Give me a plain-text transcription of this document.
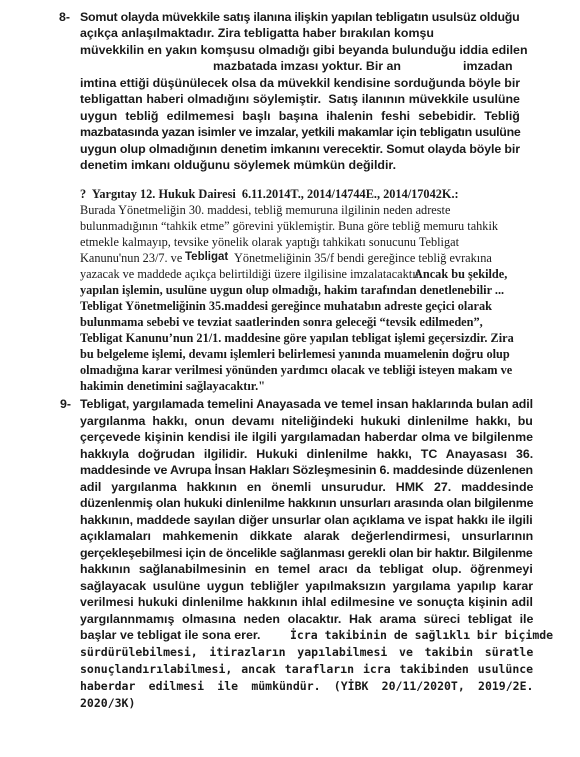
8- Somut olayda müvekkile satış ilanına ilişkin yapılan tebligatın usulsüz olduğu
açıkça anlaşılmaktadır. Zira tebligatta haber bırakılan komşu
müvekkilin en yakın komşusu olmadığı gibi beyanda bulunduğu iddia edilen
mazbatada imzası yoktur. Bir an	imzadan
imtina ettiği düşünülecek olsa da müvekkil kendisine sorduğunda böyle bir
tebligattan haberi olmadığını söylemiştir.  Satış ilanının müvekkile usulüne
uygun tebliğ edilmemesi başlı başına ihalenin feshi sebebidir. Tebliğ
mazbatasında yazan isimler ve imzalar, yetkili makamlar için tebligatın usulüne
uygun olup olmadığının denetim imkanını verecektir. Somut olayda böyle bir
denetim imkanı olduğunu söylemek mümkün değildir.
?  Yargıtay 12. Hukuk Dairesi  6.11.2014T., 2014/14744E., 2014/17042K.:
Burada Yönetmeliğin 30. maddesi, tebliğ memuruna ilgilinin neden adreste
bulunmadığının “tahkik etme” görevini yüklemiştir. Buna göre tebliğ memuru tahkik
etmekle kalmayıp, tevsike yönelik olarak yaptığı tahkikatı sonucunu Tebligat
Kanunu'nun 23/7. ve Tebligat Yönetmeliğinin 35/f bendi gereğince tebliğ evrakına
yazacak ve maddede açıkça belirtildiği üzere ilgilisine imzalatacaktır.
Ancak bu şekilde,
yapılan işlemin, usulüne uygun olup olmadığı, hakim tarafından denetlenebilir ...
Tebligat Yönetmeliğinin 35.maddesi gereğince muhatabın adreste geçici olarak
bulunmama sebebi ve tevziat saatlerinden sonra geleceği “tevsik edilmeden”,
Tebligat Kanunu’nun 21/1. maddesine göre yapılan tebligat işlemi geçersizdir. Zira
bu belgeleme işlemi, devamı işlemleri belirlemesi yanında muamelenin doğru olup
olmadığına karar verilmesi yönünden yardımcı olacak ve tebliği isteyen makam ve
hakimin denetimini sağlayacaktır."
9- Tebligat, yargılamada temelini Anayasada ve temel insan haklarında bulan adil
yargılanma hakkı, onun devamı niteliğindeki hukuki dinlenilme hakkı, bu
çerçevede kişinin kendisi ile ilgili yargılamadan haberdar olma ve bilgilenme
hakkıyla doğrudan ilgilidir. Hukuki dinlenilme hakkı, TC Anayasası 36.
maddesinde ve Avrupa İnsan Hakları Sözleşmesinin 6. maddesinde düzenlenen
adil yargılanma hakkının en önemli unsurudur. HMK 27. maddesinde
düzenlenmiş olan hukuki dinlenilme hakkının unsurları arasında olan bilgilenme
hakkının, maddede sayılan diğer unsurlar olan açıklama ve ispat hakkı ile ilgili
açıklamaları mahkemenin dikkate alarak değerlendirmesi, unsurlarının
gerçekleşebilmesi için de öncelikle sağlanması gerekli olan bir haktır. Bilgilenme
hakkının sağlanabilmesinin en temel aracı da tebligat olup. öğrenmeyi
sağlayacak usulüne uygun tebliğler yapılmaksızın yargılama yapılıp karar
verilmesi hukuki dinlenilme hakkının ihlal edilmesine ve sonuçta kişinin adil
yargılannmamış olmasına neden olacaktır. Hak arama süreci tebligat ile
başlar ve tebligat ile sona erer.	İcra takibinin de sağlıklı bir biçimde
sürdürülebilmesi, itirazların yapılabilmesi ve takibin süratle
sonuçlandırılabilmesi, ancak tarafların icra takibinden usulünce
haberdar edilmesi ile mümkündür. (YİBK 20/11/2020T, 2019/2E.
2020/3K)
